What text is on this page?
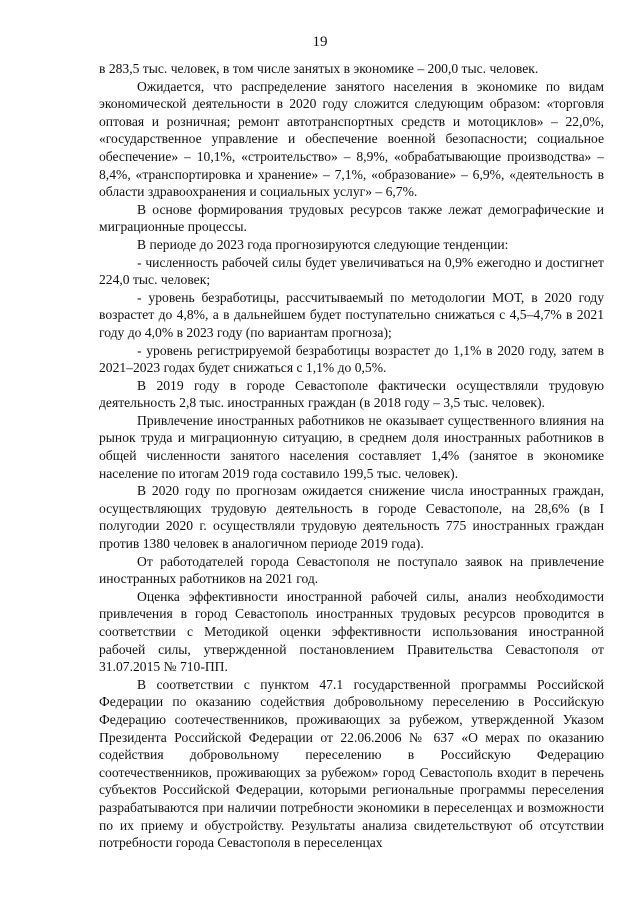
19

в 283,5 тыс. человек, в том числе занятых в экономике – 200,0 тыс. человек.

Ожидается, что распределение занятого населения в экономике по видам экономической деятельности в 2020 году сложится следующим образом: «торговля оптовая и розничная; ремонт автотранспортных средств и мотоциклов» – 22,0%, «государственное управление и обеспечение военной безопасности; социальное обеспечение» – 10,1%, «строительство» – 8,9%, «обрабатывающие производства» – 8,4%, «транспортировка и хранение» – 7,1%, «образование» – 6,9%, «деятельность в области здравоохранения и социальных услуг» – 6,7%.

В основе формирования трудовых ресурсов также лежат демографические и миграционные процессы.

В периоде до 2023 года прогнозируются следующие тенденции:

- численность рабочей силы будет увеличиваться на 0,9% ежегодно и достигнет 224,0 тыс. человек;

- уровень безработицы, рассчитываемый по методологии МОТ, в 2020 году возрастет до 4,8%, а в дальнейшем будет поступательно снижаться с 4,5–4,7% в 2021 году до 4,0% в 2023 году (по вариантам прогноза);

- уровень регистрируемой безработицы возрастет до 1,1% в 2020 году, затем в 2021–2023 годах будет снижаться с 1,1% до 0,5%.

В 2019 году в городе Севастополе фактически осуществляли трудовую деятельность 2,8 тыс. иностранных граждан (в 2018 году – 3,5 тыс. человек).

Привлечение иностранных работников не оказывает существенного влияния на рынок труда и миграционную ситуацию, в среднем доля иностранных работников в общей численности занятого населения составляет 1,4% (занятое в экономике население по итогам 2019 года составило 199,5 тыс. человек).

В 2020 году по прогнозам ожидается снижение числа иностранных граждан, осуществляющих трудовую деятельность в городе Севастополе, на 28,6% (в I полугодии 2020 г. осуществляли трудовую деятельность 775 иностранных граждан против 1380 человек в аналогичном периоде 2019 года).

От работодателей города Севастополя не поступало заявок на привлечение иностранных работников на 2021 год.

Оценка эффективности иностранной рабочей силы, анализ необходимости привлечения в город Севастополь иностранных трудовых ресурсов проводится в соответствии с Методикой оценки эффективности использования иностранной рабочей силы, утвержденной постановлением Правительства Севастополя от 31.07.2015 № 710-ПП.

В соответствии с пунктом 47.1 государственной программы Российской Федерации по оказанию содействия добровольному переселению в Российскую Федерацию соотечественников, проживающих за рубежом, утвержденной Указом Президента Российской Федерации от 22.06.2006 № 637 «О мерах по оказанию содействия добровольному переселению в Российскую Федерацию соотечественников, проживающих за рубежом» город Севастополь входит в перечень субъектов Российской Федерации, которыми региональные программы переселения разрабатываются при наличии потребности экономики в переселенцах и возможности по их приему и обустройству. Результаты анализа свидетельствуют об отсутствии потребности города Севастополя в переселенцах
